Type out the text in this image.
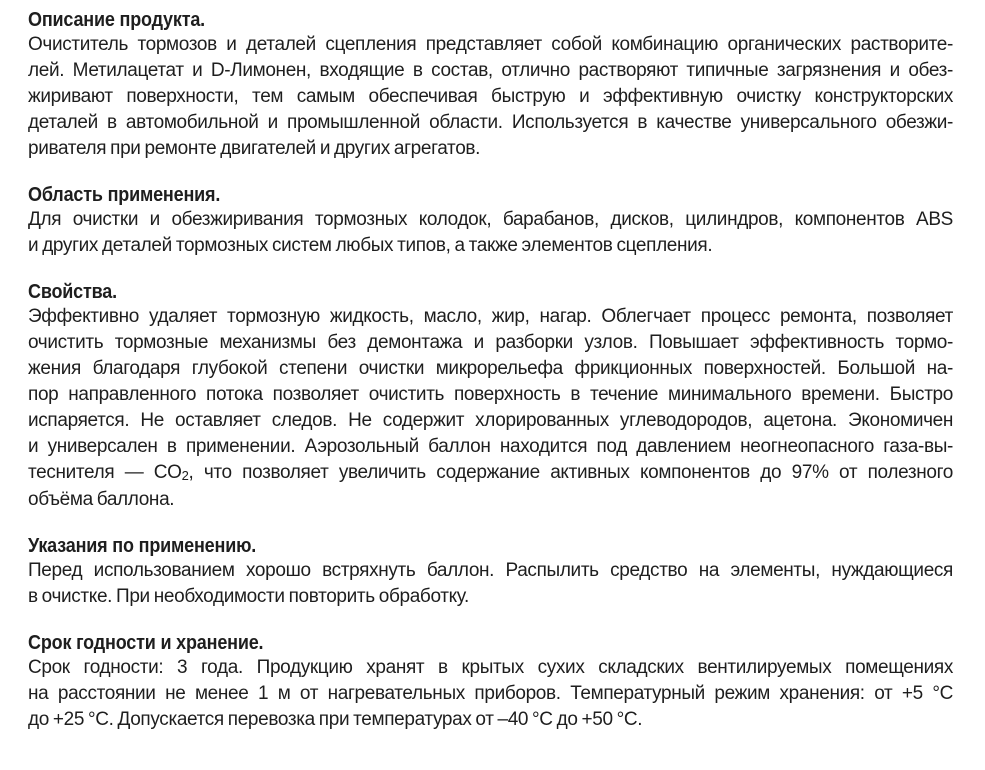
Описание продукта.
Очиститель тормозов и деталей сцепления представляет собой комбинацию органических растворите-
лей. Метилацетат и D-Лимонен, входящие в состав, отлично растворяют типичные загрязнения и обез-
жиривают поверхности, тем самым обеспечивая быструю и эффективную очистку конструкторских
деталей в автомобильной и промышленной области. Используется в качестве универсального обезжи-
ривателя при ремонте двигателей и других агрегатов.
Область применения.
Для очистки и обезжиривания тормозных колодок, барабанов, дисков, цилиндров, компонентов ABS
и других деталей тормозных систем любых типов, а также элементов сцепления.
Свойства.
Эффективно удаляет тормозную жидкость, масло, жир, нагар. Облегчает процесс ремонта, позволяет
очистить тормозные механизмы без демонтажа и разборки узлов. Повышает эффективность тормо-
жения благодаря глубокой степени очистки микрорельефа фрикционных поверхностей. Большой на-
пор направленного потока позволяет очистить поверхность в течение минимального времени. Быстро
испаряется. Не оставляет следов. Не содержит хлорированных углеводородов, ацетона. Экономичен
и универсален в применении. Аэрозольный баллон находится под давлением неогнеопасного газа-вы-
теснителя — $CO_2$, что позволяет увеличить содержание активных компонентов до 97% от полезного
объёма баллона.
Указания по применению.
Перед использованием хорошо встряхнуть баллон. Распылить средство на элементы, нуждающиеся
в очистке. При необходимости повторить обработку.
Срок годности и хранение.
Срок годности: 3 года. Продукцию хранят в крытых сухих складских вентилируемых помещениях
на расстоянии не менее 1 м от нагревательных приборов. Температурный режим хранения: от +5 °C
до +25 °C. Допускается перевозка при температурах от –40 °C до +50 °C.
